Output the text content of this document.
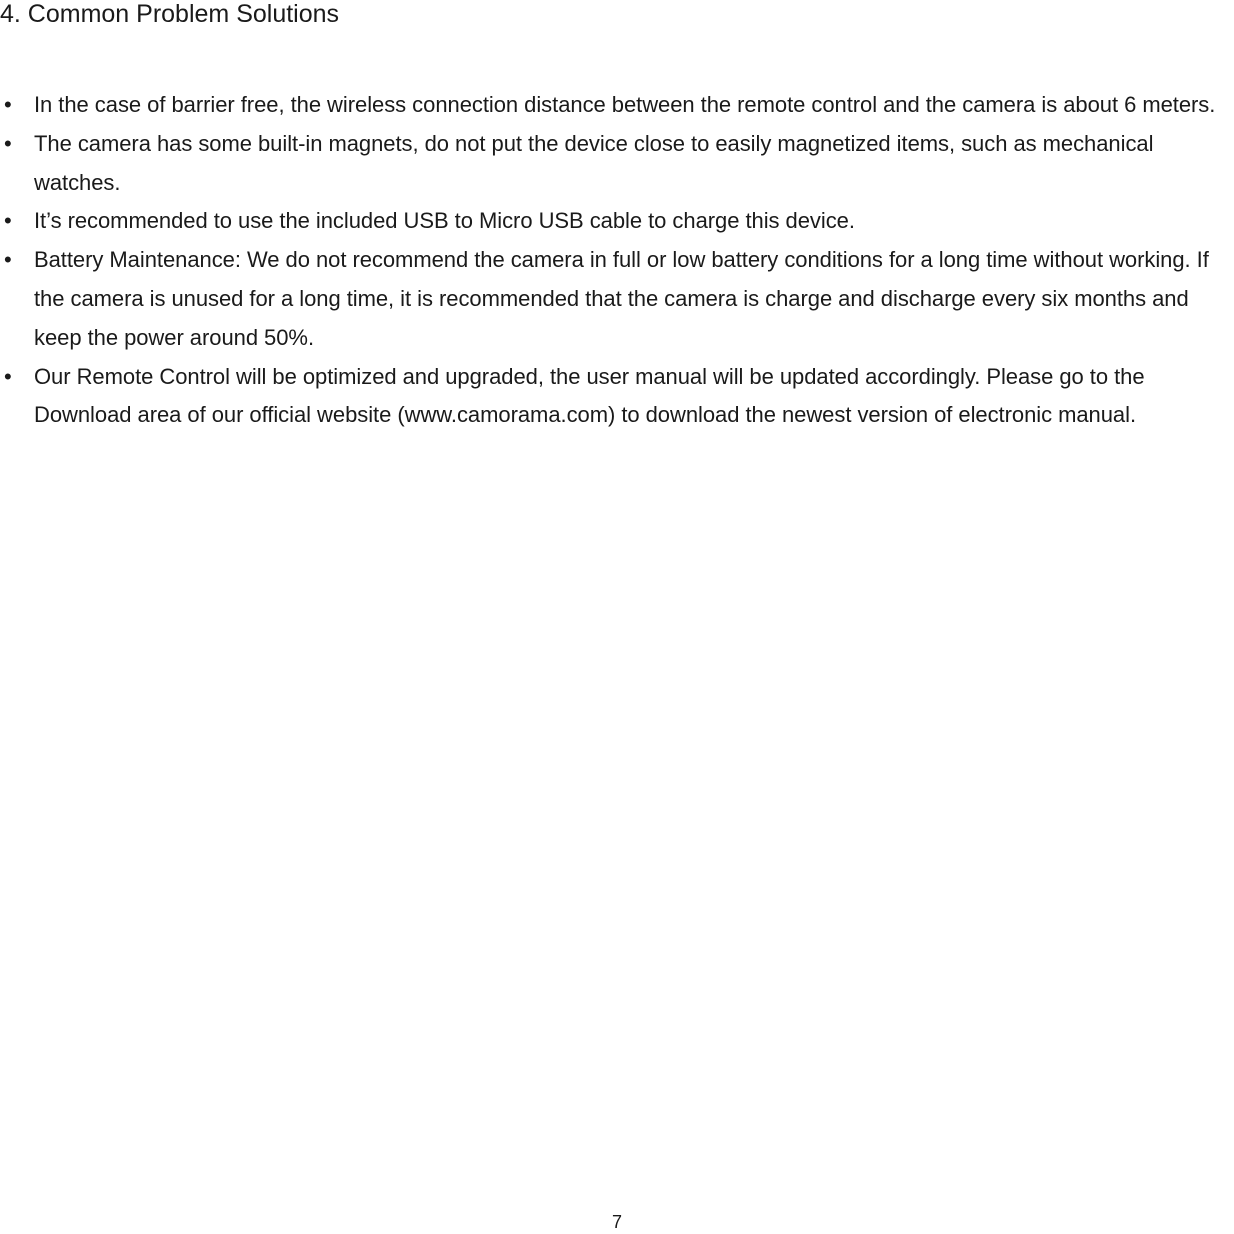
4. Common Problem Solutions
• In the case of barrier free, the wireless connection distance between the remote control and the camera is about 6 meters.
• The camera has some built-in magnets, do not put the device close to easily magnetized items, such as mechanical watches.
• It’s recommended to use the included USB to Micro USB cable to charge this device.
• Battery Maintenance: We do not recommend the camera in full or low battery conditions for a long time without working. If the camera is unused for a long time, it is recommended that the camera is charge and discharge every six months and keep the power around 50%.
• Our Remote Control will be optimized and upgraded, the user manual will be updated accordingly. Please go to the Download area of our official website (www.camorama.com) to download the newest version of electronic manual.
7
